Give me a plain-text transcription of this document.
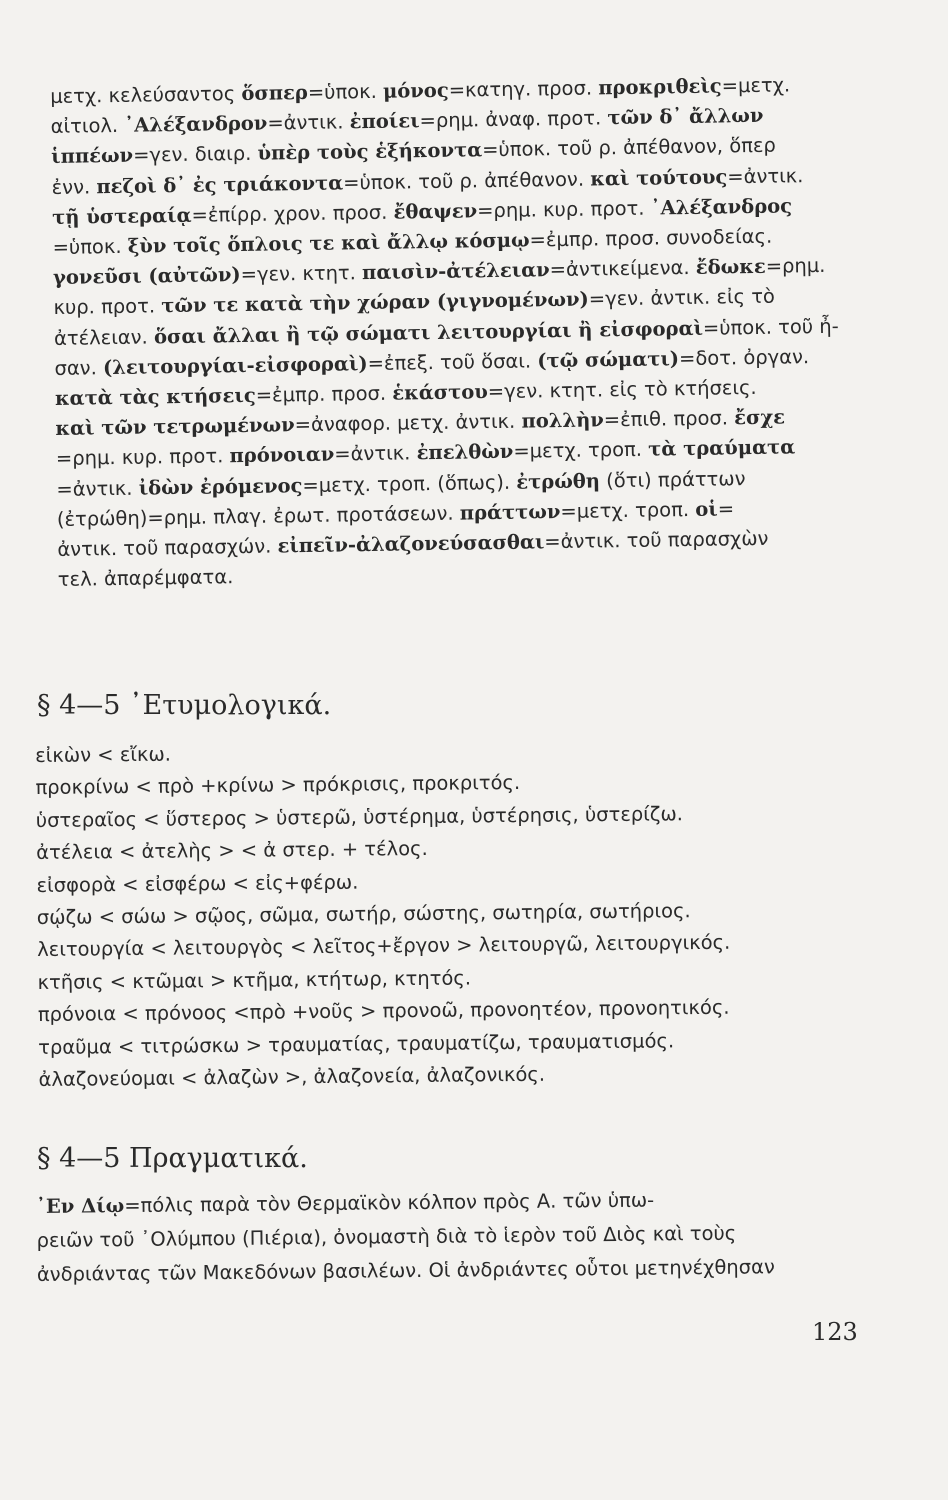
μετχ. κελεύσαντος ὅσπερ=ὑποκ. μόνος=κατηγ. προσ. προκριθεὶς=μετχ.
αἰτιολ. ᾿Αλέξανδρον=ἀντικ. ἐποίει=ρημ. ἀναφ. προτ. τῶν δ᾿ ἄλλων
ἱππέων=γεν. διαιρ. ὑπὲρ τοὺς ἑξήκοντα=ὑποκ. τοῦ ρ. ἀπέθανον, ὅπερ
ἐνν. πεζοὶ δ᾿ ἐς τριάκοντα=ὑποκ. τοῦ ρ. ἀπέθανον. καὶ τούτους=ἀντικ.
τῇ ὑστεραίᾳ=ἐπίρρ. χρον. προσ. ἔθαψεν=ρημ. κυρ. προτ. ᾿Αλέξανδρος
=ὑποκ. ξὺν τοῖς ὅπλοις τε καὶ ἄλλῳ κόσμῳ=ἐμπρ. προσ. συνοδείας.
γονεῦσι (αὐτῶν)=γεν. κτητ. παισὶν-ἀτέλειαν=ἀντικείμενα. ἔδωκε=ρημ.
κυρ. προτ. τῶν τε κατὰ τὴν χώραν (γιγνομένων)=γεν. ἀντικ. εἰς τὸ
ἀτέλειαν. ὅσαι ἄλλαι ἢ τῷ σώματι λειτουργίαι ἢ εἰσφοραὶ=ὑποκ. τοῦ ἦ-
σαν. (λειτουργίαι-εἰσφοραὶ)=ἐπεξ. τοῦ ὅσαι. (τῷ σώματι)=δοτ. ὀργαν.
κατὰ τὰς κτήσεις=ἐμπρ. προσ. ἑκάστου=γεν. κτητ. εἰς τὸ κτήσεις.
καὶ τῶν τετρωμένων=ἀναφορ. μετχ. ἀντικ. πολλὴν=ἐπιθ. προσ. ἔσχε
=ρημ. κυρ. προτ. πρόνοιαν=ἀντικ. ἐπελθὼν=μετχ. τροπ. τὰ τραύματα
=ἀντικ. ἰδὼν ἐρόμενος=μετχ. τροπ. (ὅπως). ἐτρώθη (ὅτι) πράττων
(ἐτρώθη)=ρημ. πλαγ. ἐρωτ. προτάσεων. πράττων=μετχ. τροπ. οἱ=
ἀντικ. τοῦ παρασχών. εἰπεῖν-ἀλαζονεύσασθαι=ἀντικ. τοῦ παρασχὼν
τελ. ἀπαρέμφατα.

§ 4—5 ᾿Ετυμολογικά.
εἰκὼν < εἴκω.
προκρίνω < πρὸ +κρίνω > πρόκρισις, προκριτός.
ὑστεραῖος < ὕστερος > ὑστερῶ, ὑστέρημα, ὑστέρησις, ὑστερίζω.
ἀτέλεια < ἀτελὴς > < ἀ στερ. + τέλος.
εἰσφορὰ < εἰσφέρω < εἰς+φέρω.
σῴζω < σώω > σῷος, σῶμα, σωτήρ, σώστης, σωτηρία, σωτήριος.
λειτουργία < λειτουργὸς < λεῖτος+ἔργον > λειτουργῶ, λειτουργικός.
κτῆσις < κτῶμαι > κτῆμα, κτήτωρ, κτητός.
πρόνοια < πρόνοος <πρὸ +νοῦς > προνοῶ, προνοητέον, προνοητικός.
τραῦμα < τιτρώσκω > τραυματίας, τραυματίζω, τραυματισμός.
ἀλαζονεύομαι < ἀλαζὼν >, ἀλαζονεία, ἀλαζονικός.
§ 4—5 Πραγματικά.

᾿Εν Δίῳ=πόλις παρὰ τὸν Θερμαϊκὸν κόλπον πρὸς Α. τῶν ὑπω-
ρειῶν τοῦ ᾿Ολύμπου (Πιέρια), ὀνομαστὴ διὰ τὸ ἱερὸν τοῦ Διὸς καὶ τοὺς
ἀνδριάντας τῶν Μακεδόνων βασιλέων. Οἱ ἀνδριάντες οὗτοι μετηνέχθησαν

123
